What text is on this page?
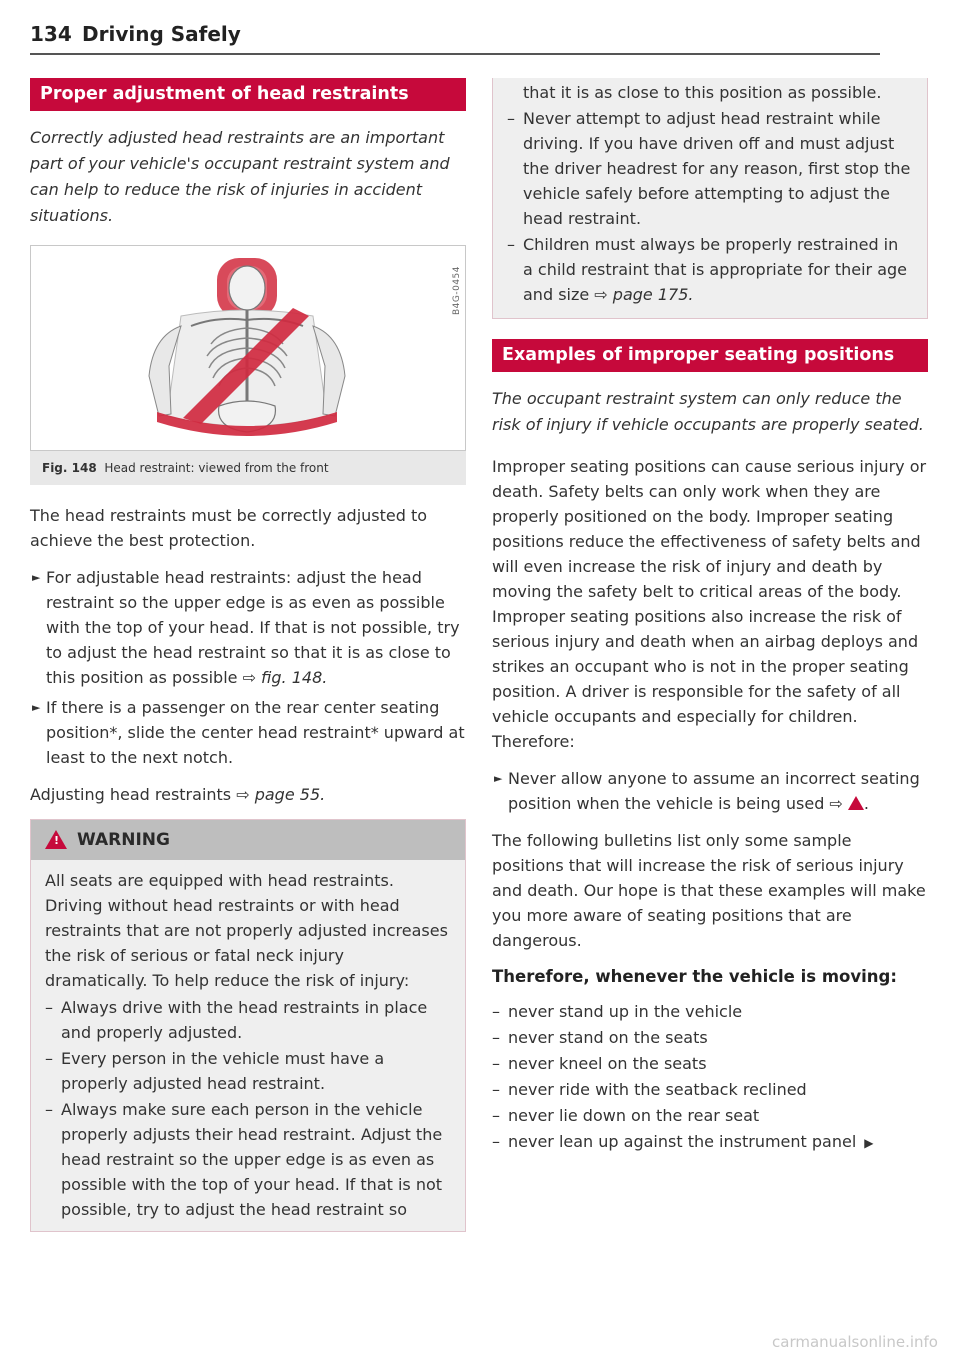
134 Driving Safely
Proper adjustment of head restraints
Correctly adjusted head restraints are an important part of your vehicle's occupant restraint system and can help to reduce the risk of injuries in accident situations.
B4G-0454
Fig. 148 Head restraint: viewed from the front

The head restraints must be correctly adjusted to achieve the best protection.

► For adjustable head restraints: adjust the head restraint so the upper edge is as even as possible with the top of your head. If that is not possible, try to adjust the head restraint so that it is as close to this position as possible ⇨ fig. 148.
► If there is a passenger on the rear center seating position*, slide the center head restraint* upward at least to the next notch.

Adjusting head restraints ⇨ page 55.

! WARNING

All seats are equipped with head restraints. Driving without head restraints or with head restraints that are not properly adjusted increases the risk of serious or fatal neck injury dramatically. To help reduce the risk of injury:

– Always drive with the head restraints in place and properly adjusted.
– Every person in the vehicle must have a properly adjusted head restraint.
– Always make sure each person in the vehicle properly adjusts their head restraint. Adjust the head restraint so the upper edge is as even as possible with the top of your head. If that is not possible, try to adjust the head restraint so
that it is as close to this position as possible.
– Never attempt to adjust head restraint while driving. If you have driven off and must adjust the driver headrest for any reason, first stop the vehicle safely before attempting to adjust the head restraint.
– Children must always be properly restrained in a child restraint that is appropriate for their age and size ⇨ page 175.
Examples of improper seating positions
The occupant restraint system can only reduce the risk of injury if vehicle occupants are properly seated.

Improper seating positions can cause serious injury or death. Safety belts can only work when they are properly positioned on the body. Improper seating positions reduce the effectiveness of safety belts and will even increase the risk of injury and death by moving the safety belt to critical areas of the body. Improper seating positions also increase the risk of serious injury and death when an airbag deploys and strikes an occupant who is not in the proper seating position. A driver is responsible for the safety of all vehicle occupants and especially for children. Therefore:

► Never allow anyone to assume an incorrect seating position when the vehicle is being used ⇨ .

The following bulletins list only some sample positions that will increase the risk of serious injury and death. Our hope is that these examples will make you more aware of seating positions that are dangerous.

Therefore, whenever the vehicle is moving:
– never stand up in the vehicle
– never stand on the seats
– never kneel on the seats
– never ride with the seatback reclined
– never lie down on the rear seat
– never lean up against the instrument panel ▶
carmanualsonline.info
